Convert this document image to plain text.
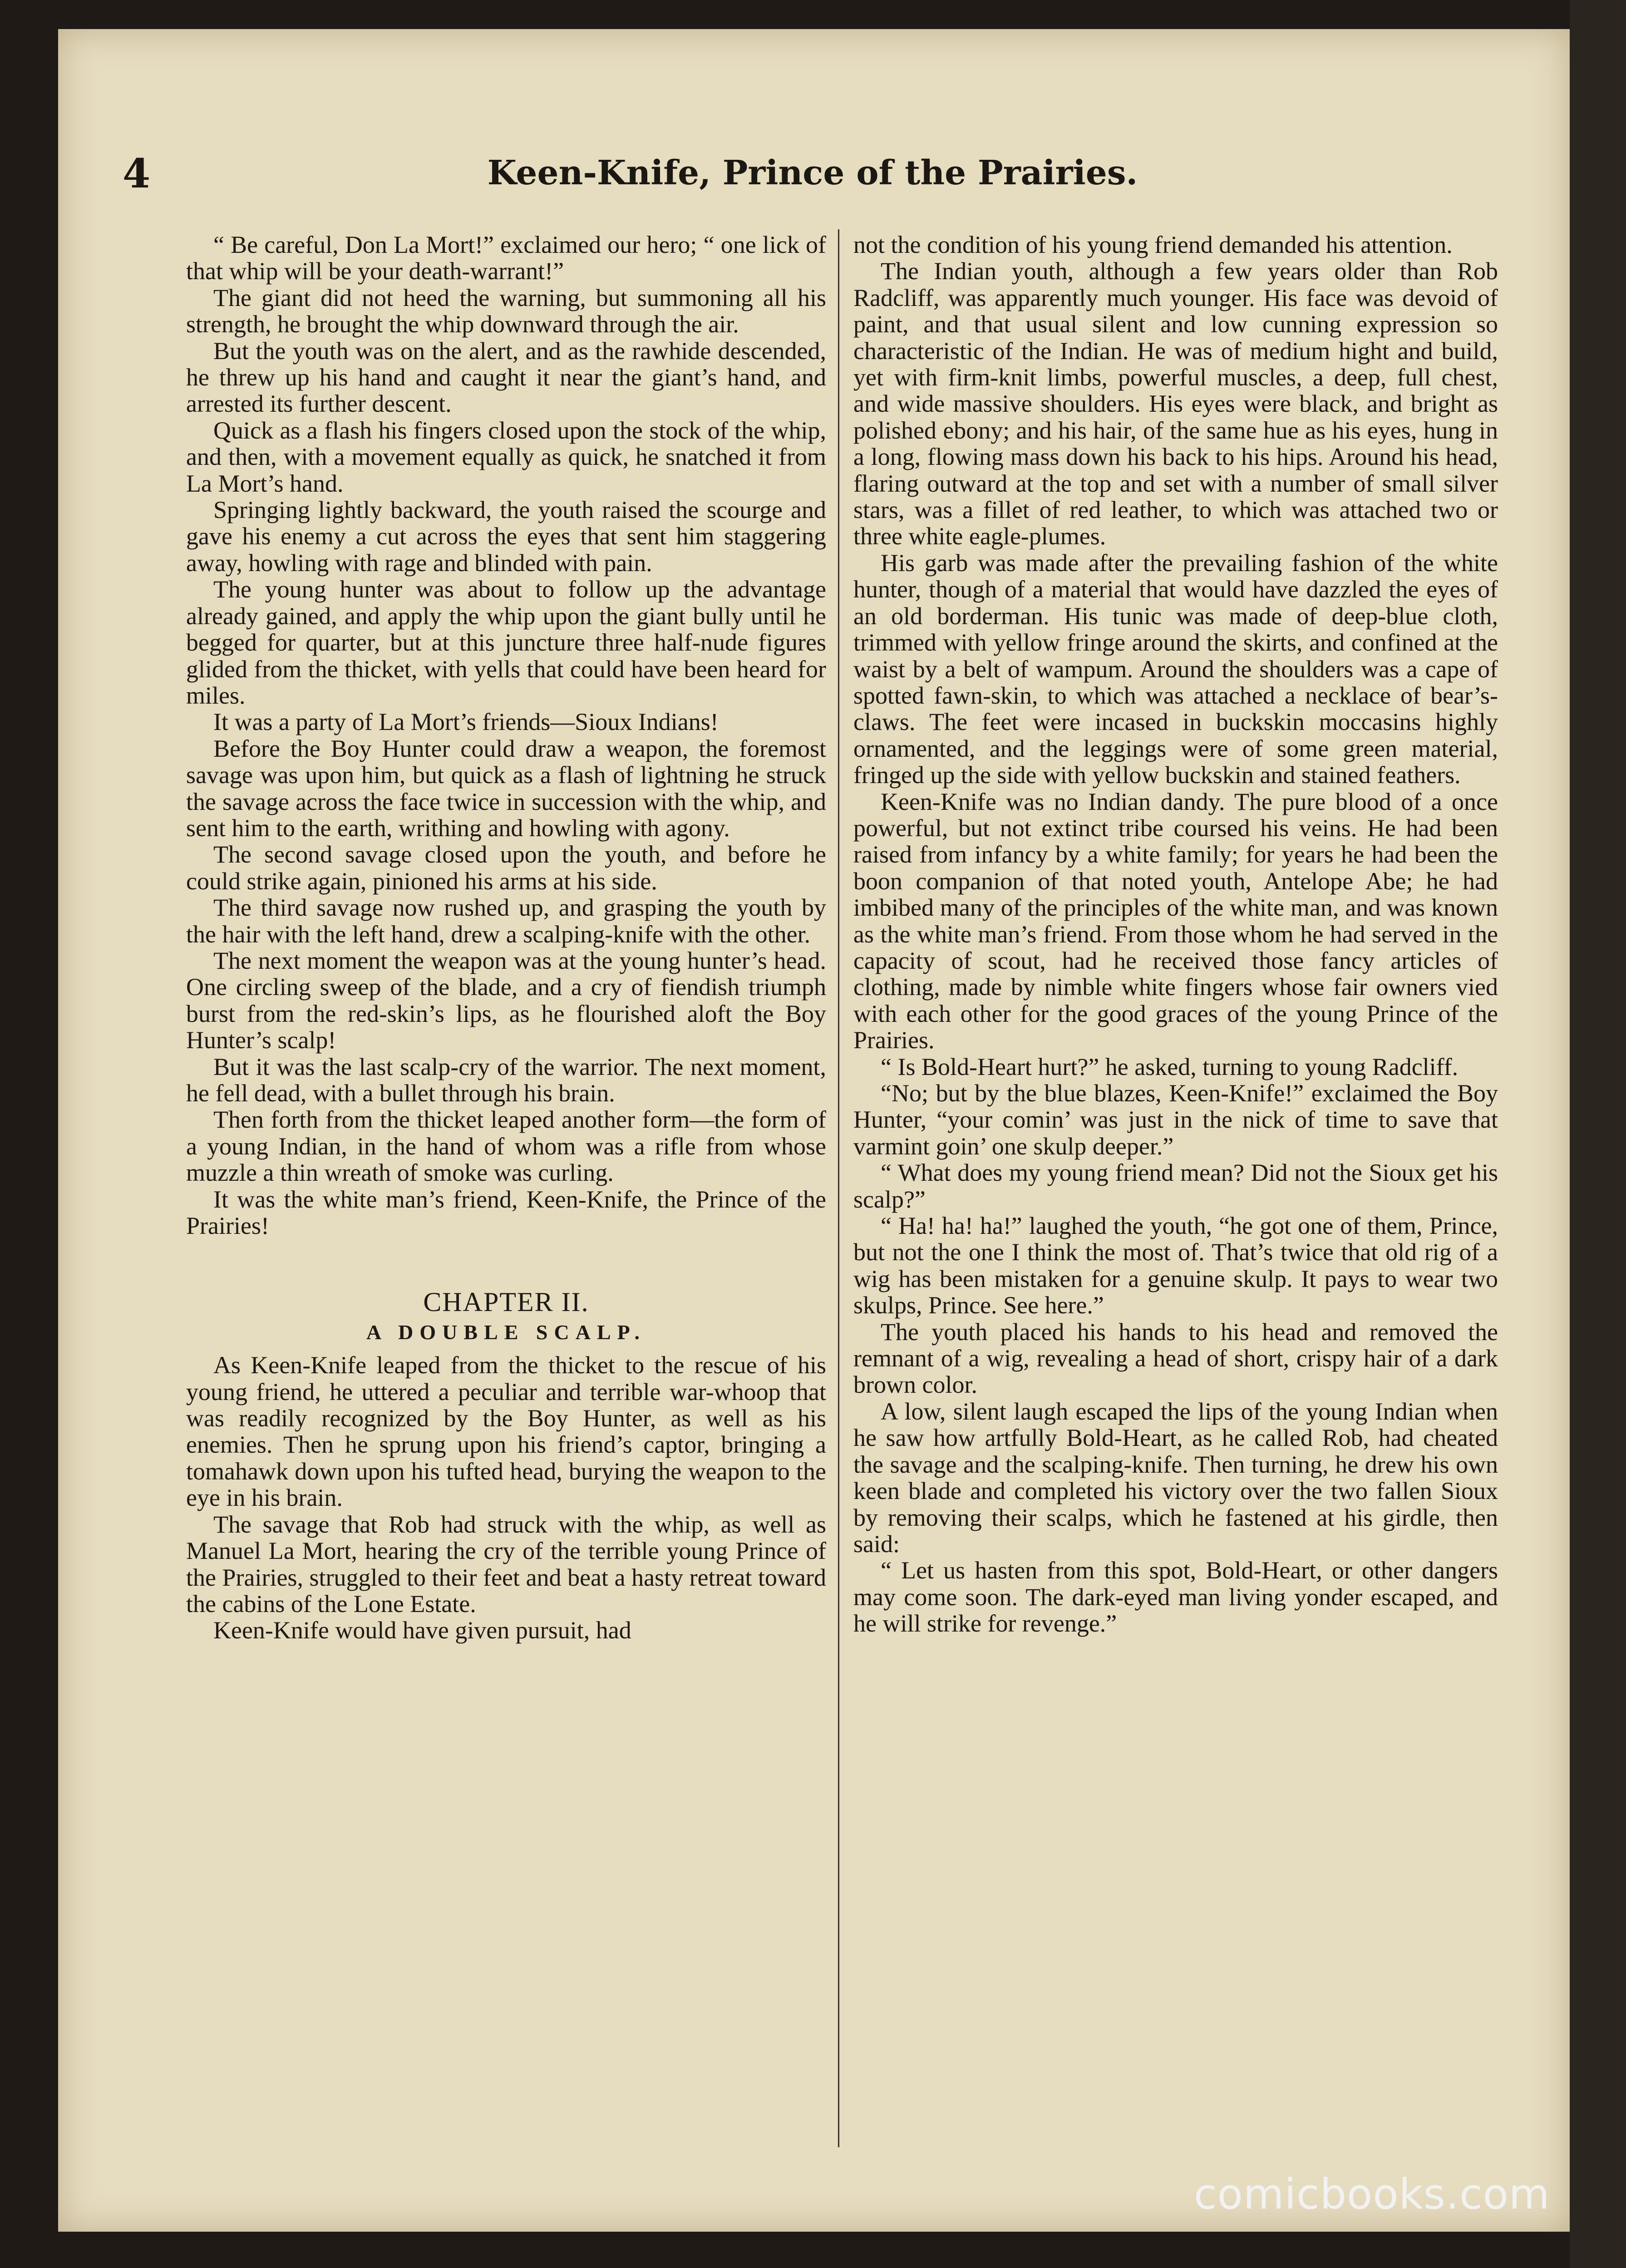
4	Keen-Knife, Prince of the Prairies.

“ Be careful, Don La Mort!” exclaimed our hero; “ one lick of that whip will be your death-warrant!”

The giant did not heed the warning, but summoning all his strength, he brought the whip downward through the air.

But the youth was on the alert, and as the rawhide descended, he threw up his hand and caught it near the giant’s hand, and arrested its further descent.

Quick as a flash his fingers closed upon the stock of the whip, and then, with a movement equally as quick, he snatched it from La Mort’s hand.

Springing lightly backward, the youth raised the scourge and gave his enemy a cut across the eyes that sent him staggering away, howling with rage and blinded with pain.

The young hunter was about to follow up the advantage already gained, and apply the whip upon the giant bully until he begged for quarter, but at this juncture three half-nude figures glided from the thicket, with yells that could have been heard for miles.

It was a party of La Mort’s friends—Sioux Indians!

Before the Boy Hunter could draw a weapon, the foremost savage was upon him, but quick as a flash of lightning he struck the savage across the face twice in succession with the whip, and sent him to the earth, writhing and howling with agony.

The second savage closed upon the youth, and before he could strike again, pinioned his arms at his side.

The third savage now rushed up, and grasping the youth by the hair with the left hand, drew a scalping-knife with the other.

The next moment the weapon was at the young hunter’s head. One circling sweep of the blade, and a cry of fiendish triumph burst from the red-skin’s lips, as he flourished aloft the Boy Hunter’s scalp!

But it was the last scalp-cry of the warrior. The next moment, he fell dead, with a bullet through his brain.

Then forth from the thicket leaped another form—the form of a young Indian, in the hand of whom was a rifle from whose muzzle a thin wreath of smoke was curling.

It was the white man’s friend, Keen-Knife, the Prince of the Prairies!

CHAPTER II.
A DOUBLE SCALP.

As Keen-Knife leaped from the thicket to the rescue of his young friend, he uttered a peculiar and terrible war-whoop that was readily recognized by the Boy Hunter, as well as his enemies. Then he sprung upon his friend’s captor, bringing a tomahawk down upon his tufted head, burying the weapon to the eye in his brain.

The savage that Rob had struck with the whip, as well as Manuel La Mort, hearing the cry of the terrible young Prince of the Prairies, struggled to their feet and beat a hasty retreat toward the cabins of the Lone Estate.

Keen-Knife would have given pursuit, had

not the condition of his young friend demanded his attention.

The Indian youth, although a few years older than Rob Radcliff, was apparently much younger. His face was devoid of paint, and that usual silent and low cunning expression so characteristic of the Indian. He was of medium hight and build, yet with firm-knit limbs, powerful muscles, a deep, full chest, and wide massive shoulders. His eyes were black, and bright as polished ebony; and his hair, of the same hue as his eyes, hung in a long, flowing mass down his back to his hips. Around his head, flaring outward at the top and set with a number of small silver stars, was a fillet of red leather, to which was attached two or three white eagle-plumes.

His garb was made after the prevailing fashion of the white hunter, though of a material that would have dazzled the eyes of an old borderman. His tunic was made of deep-blue cloth, trimmed with yellow fringe around the skirts, and confined at the waist by a belt of wampum. Around the shoulders was a cape of spotted fawn-skin, to which was attached a necklace of bear’s-claws. The feet were incased in buckskin moccasins highly ornamented, and the leggings were of some green material, fringed up the side with yellow buckskin and stained feathers.

Keen-Knife was no Indian dandy. The pure blood of a once powerful, but not extinct tribe coursed his veins. He had been raised from infancy by a white family; for years he had been the boon companion of that noted youth, Antelope Abe; he had imbibed many of the principles of the white man, and was known as the white man’s friend. From those whom he had served in the capacity of scout, had he received those fancy articles of clothing, made by nimble white fingers whose fair owners vied with each other for the good graces of the young Prince of the Prairies.

“ Is Bold-Heart hurt?” he asked, turning to young Radcliff.

“No; but by the blue blazes, Keen-Knife!” exclaimed the Boy Hunter, “your comin’ was just in the nick of time to save that varmint goin’ one skulp deeper.”

“ What does my young friend mean? Did not the Sioux get his scalp?”

“ Ha! ha! ha!” laughed the youth, “he got one of them, Prince, but not the one I think the most of. That’s twice that old rig of a wig has been mistaken for a genuine skulp. It pays to wear two skulps, Prince. See here.”

The youth placed his hands to his head and removed the remnant of a wig, revealing a head of short, crispy hair of a dark brown color.

A low, silent laugh escaped the lips of the young Indian when he saw how artfully Bold-Heart, as he called Rob, had cheated the savage and the scalping-knife. Then turning, he drew his own keen blade and completed his victory over the two fallen Sioux by removing their scalps, which he fastened at his girdle, then said:

“ Let us hasten from this spot, Bold-Heart, or other dangers may come soon. The dark-eyed man living yonder escaped, and he will strike for revenge.”

comicbooks.com
